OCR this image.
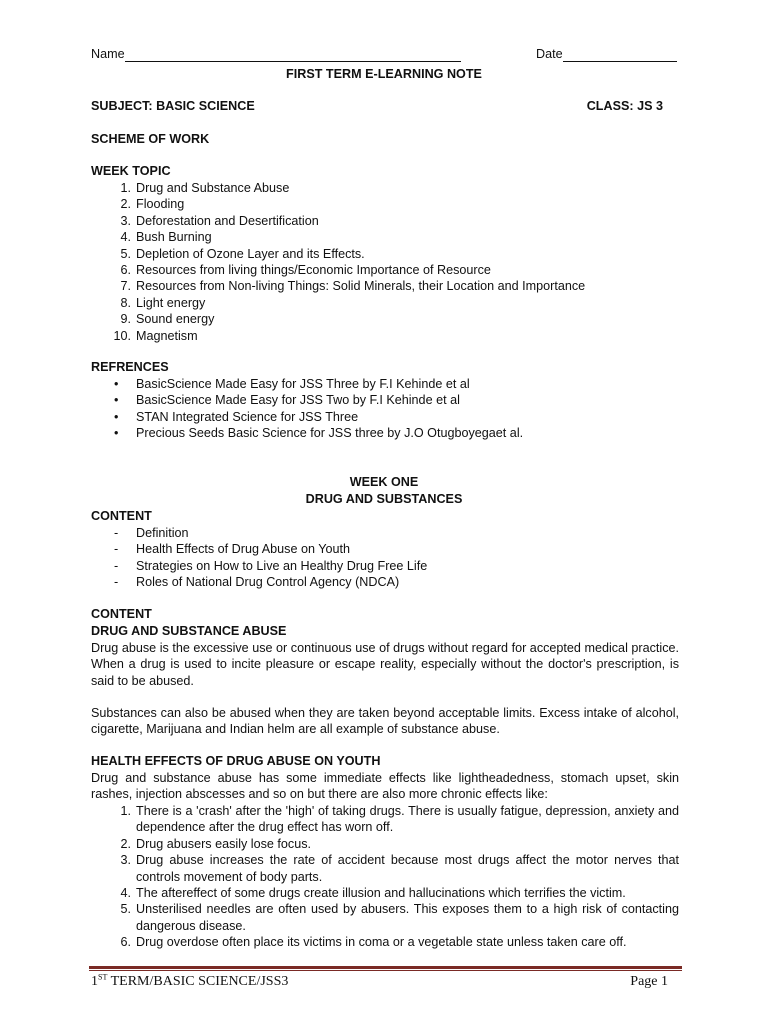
Name	Date
FIRST TERM E-LEARNING NOTE
SUBJECT: BASIC SCIENCE	CLASS: JS 3
SCHEME OF WORK
WEEK TOPIC
1. Drug and Substance Abuse
2. Flooding
3. Deforestation and Desertification
4. Bush Burning
5. Depletion of Ozone Layer and its Effects.
6. Resources from living things/Economic Importance of Resource
7. Resources from Non-living Things: Solid Minerals, their Location and Importance
8. Light energy
9. Sound energy
10. Magnetism
REFRENCES
• BasicScience Made Easy for JSS Three by F.I Kehinde et al
• BasicScience Made Easy for JSS Two by F.I Kehinde et al
• STAN Integrated Science for JSS Three
• Precious Seeds Basic Science for JSS three by J.O Otugboyegaet al.
WEEK ONE
DRUG AND SUBSTANCES
CONTENT
- Definition
- Health Effects of Drug Abuse on Youth
- Strategies on How to Live an Healthy Drug Free Life
- Roles of National Drug Control Agency (NDCA)
CONTENT
DRUG AND SUBSTANCE ABUSE
Drug abuse is the excessive use or continuous use of drugs without regard for accepted medical practice. When a drug is used to incite pleasure or escape reality, especially without the doctor's prescription, is said to be abused.
Substances can also be abused when they are taken beyond acceptable limits. Excess intake of alcohol, cigarette, Marijuana and Indian helm are all example of substance abuse.
HEALTH EFFECTS OF DRUG ABUSE ON YOUTH
Drug and substance abuse has some immediate effects like lightheadedness, stomach upset, skin rashes, injection abscesses and so on but there are also more chronic effects like:
1. There is a 'crash' after the 'high' of taking drugs. There is usually fatigue, depression, anxiety and dependence after the drug effect has worn off.
2. Drug abusers easily lose focus.
3. Drug abuse increases the rate of accident because most drugs affect the motor nerves that controls movement of body parts.
4. The aftereffect of some drugs create illusion and hallucinations which terrifies the victim.
5. Unsterilised needles are often used by abusers. This exposes them to a high risk of contacting dangerous disease.
6. Drug overdose often place its victims in coma or a vegetable state unless taken care off.
1ST TERM/BASIC SCIENCE/JSS3	Page 1
